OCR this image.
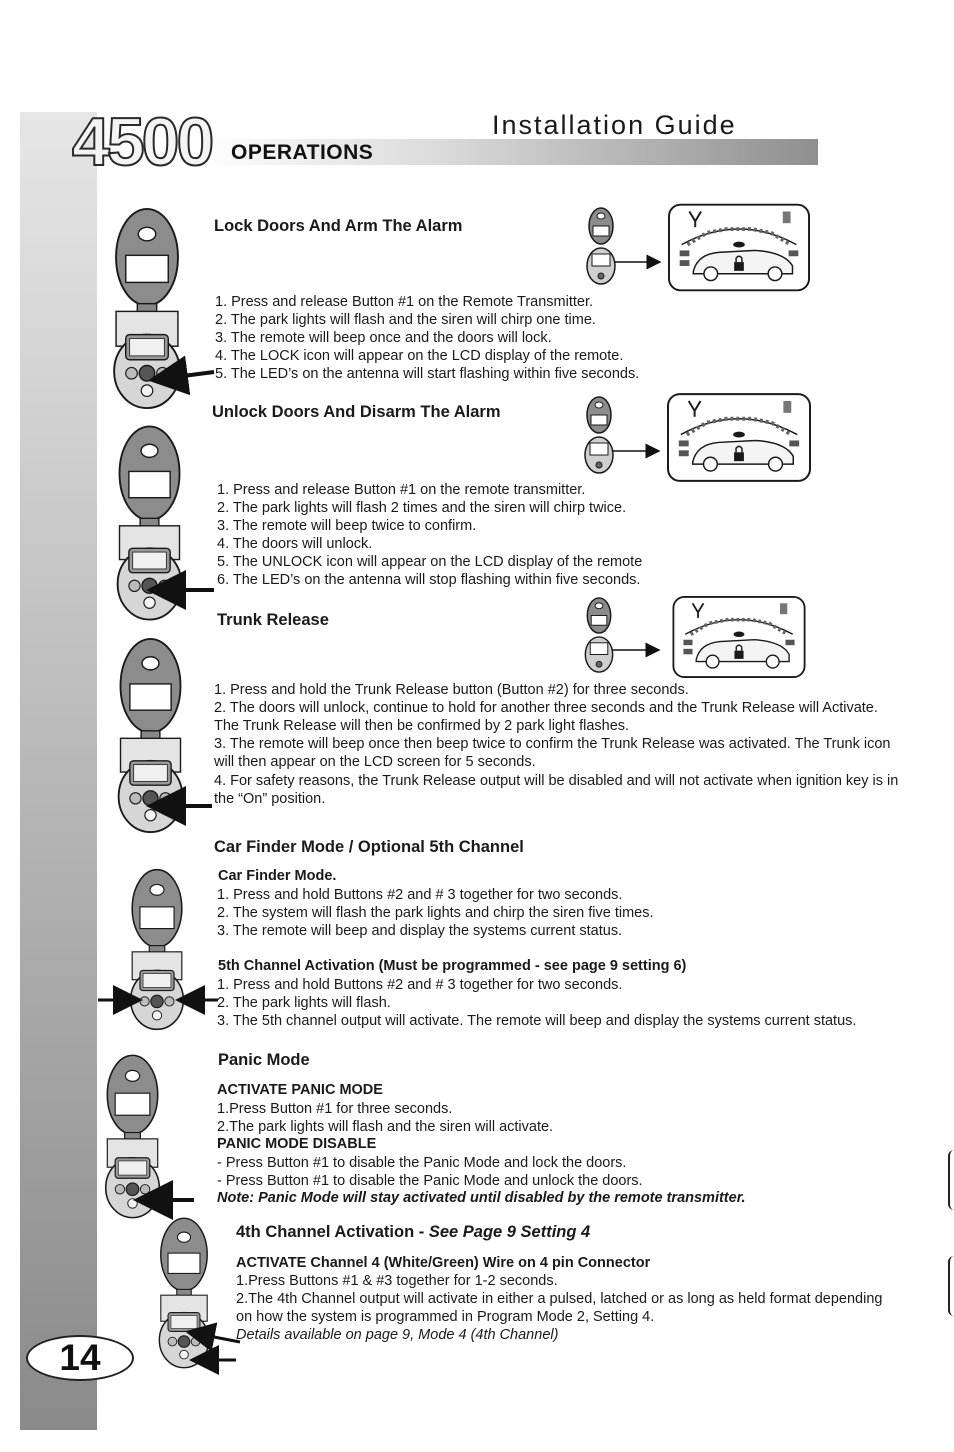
4500	Installation Guide
OPERATIONS
Lock Doors And Arm The Alarm
1. Press and release Button #1 on the Remote Transmitter.
2. The park lights will flash and the siren will chirp one time.
3. The remote will beep once and the doors will lock.
4. The LOCK icon will appear on the LCD display of the remote.
5. The LED’s on the antenna will start flashing within five seconds.
Unlock Doors And Disarm The Alarm
1. Press and release Button #1 on the remote transmitter.
2. The park lights will flash 2 times and the siren will chirp twice.
3. The remote will beep twice to confirm.
4. The doors will unlock.
5. The UNLOCK icon will appear on the LCD display of the remote
6. The LED’s on the antenna will stop flashing within five seconds.
Trunk Release
1. Press and hold the Trunk Release button (Button #2) for three seconds.
2. The doors will unlock, continue to hold for another three seconds and the Trunk Release will Activate. The Trunk Release will then be confirmed by 2 park light flashes.
3. The remote will beep once then beep twice to confirm the Trunk Release was activated. The Trunk icon will then appear on the LCD screen for 5 seconds.
4. For safety reasons, the Trunk Release output will be disabled and will not activate when ignition key is in the “On” position.
Car Finder Mode / Optional 5th Channel
Car Finder Mode.
1. Press and hold Buttons #2 and # 3 together for two seconds.
2. The system will flash the park lights and chirp the siren five times.
3. The remote will beep and display the systems current status.
5th Channel Activation (Must be programmed - see page 9 setting 6)
1. Press and hold Buttons #2 and # 3 together for two seconds.
2. The park lights will flash.
3. The 5th channel output will activate. The remote will beep and display the systems current status.
Panic Mode
ACTIVATE PANIC MODE
1.Press Button #1 for three seconds.
2.The park lights will flash and the siren will activate.
PANIC MODE DISABLE
- Press Button #1 to disable the Panic Mode and lock the doors.
- Press Button #1 to disable the Panic Mode and unlock the doors.
Note: Panic Mode will stay activated until disabled by the remote transmitter.
4th Channel Activation - See Page 9 Setting 4
ACTIVATE Channel 4 (White/Green) Wire on 4 pin Connector
1.Press Buttons #1 & #3 together for 1-2 seconds.
2.The 4th Channel output will activate in either a pulsed, latched or as long as held format depending on how the system is programmed in Program Mode 2, Setting 4.
Details available on page 9, Mode 4 (4th Channel)
14
